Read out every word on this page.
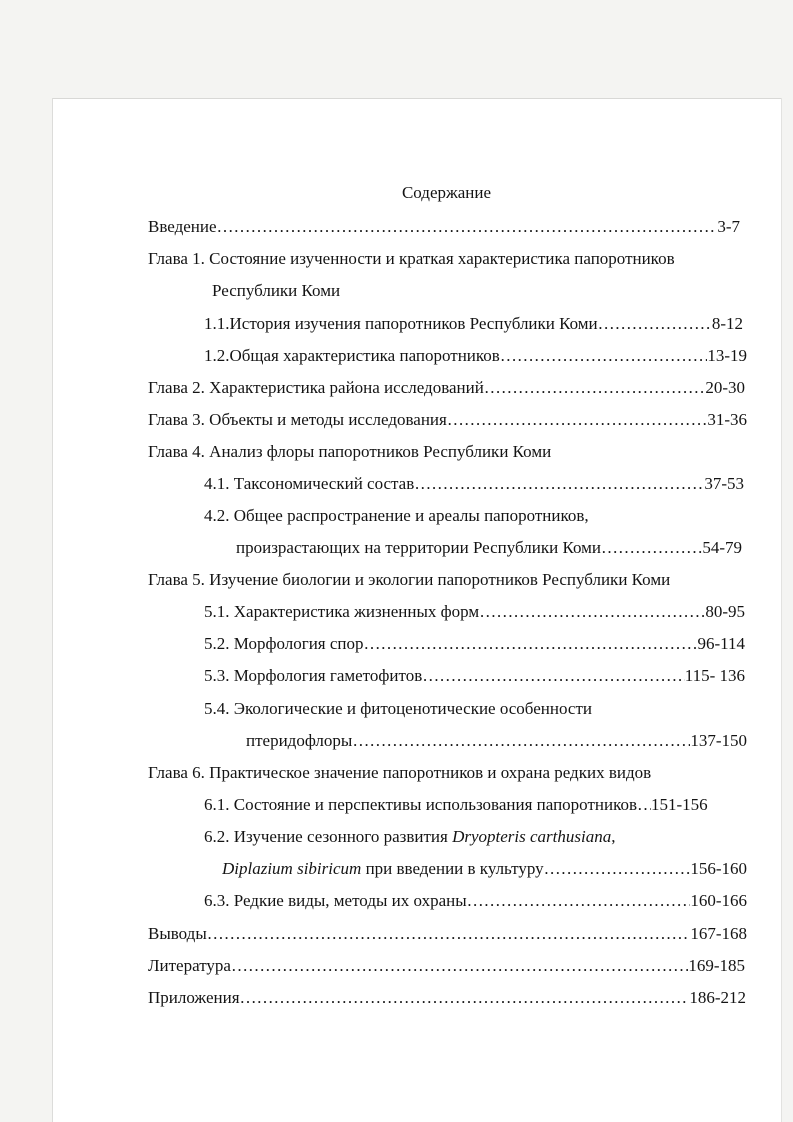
Содержание
Введение ………………………………………………………………………………………………………………………………………………………………………………	3-7
Глава 1. Состояние изученности и краткая характеристика папоротников
Республики Коми
1.1.История изучения папоротников Республики Коми ………………………………………………………………………………………………………………………………………………………………………………	8-12
1.2.Общая характеристика папоротников ………………………………………………………………………………………………………………………………………………………………………………	13-19
Глава 2. Характеристика района исследований ………………………………………………………………………………………………………………………………………………………………………………	20-30
Глава 3. Объекты и методы исследования ………………………………………………………………………………………………………………………………………………………………………………	31-36
Глава 4. Анализ флоры папоротников Республики Коми
4.1. Таксономический состав ………………………………………………………………………………………………………………………………………………………………………………	37-53
4.2. Общее распространение и ареалы папоротников,
произрастающих на территории Республики Коми ………………………………………………………………………………………………………………………………………………………………………………	54-79
Глава 5. Изучение биологии и экологии папоротников Республики Коми
5.1. Характеристика жизненных форм ………………………………………………………………………………………………………………………………………………………………………………	80-95
5.2. Морфология спор ………………………………………………………………………………………………………………………………………………………………………………	96-114
5.3. Морфология гаметофитов ………………………………………………………………………………………………………………………………………………………………………………	115- 136
5.4. Экологические и фитоценотические особенности
птеридофлоры ………………………………………………………………………………………………………………………………………………………………………………	137-150
Глава 6. Практическое значение папоротников и охрана редких видов
6.1. Состояние и перспективы использования папоротников ……………………………………………………………………………………………………………………………………………………………………………… 151-156
6.2. Изучение сезонного развития Dryopteris carthusiana,
Diplazium sibiricum при введении в культуру ………………………………………………………………………………………………………………………………………………………………………………	156-160
6.3. Редкие виды, методы их охраны ………………………………………………………………………………………………………………………………………………………………………………	160-166
Выводы ………………………………………………………………………………………………………………………………………………………………………………	167-168
Литература ………………………………………………………………………………………………………………………………………………………………………………	169-185
Приложения ………………………………………………………………………………………………………………………………………………………………………………	186-212
